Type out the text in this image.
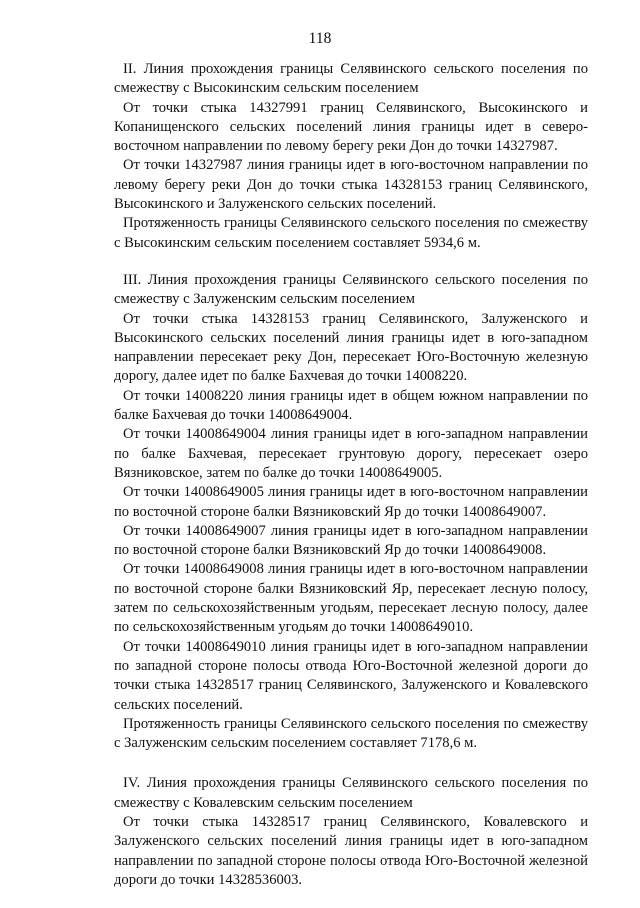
118

II. Линия прохождения границы Селявинского сельского поселения по смежеству с Высокинским сельским поселением

От точки стыка 14327991 границ Селявинского, Высокинского и Копанищенского сельских поселений линия границы идет в северо-восточном направлении по левому берегу реки Дон до точки 14327987.

От точки 14327987 линия границы идет в юго-восточном направлении по левому берегу реки Дон до точки стыка 14328153 границ Селявинского, Высокинского и Залуженского сельских поселений.

Протяженность границы Селявинского сельского поселения по смежеству с Высокинским сельским поселением составляет 5934,6 м.

III. Линия прохождения границы Селявинского сельского поселения по смежеству с Залуженским сельским поселением

От точки стыка 14328153 границ Селявинского, Залуженского и Высокинского сельских поселений линия границы идет в юго-западном направлении пересекает реку Дон, пересекает Юго-Восточную железную дорогу, далее идет по балке Бахчевая до точки 14008220.

От точки 14008220 линия границы идет в общем южном направлении по балке Бахчевая до точки 14008649004.

От точки 14008649004 линия границы идет в юго-западном направлении по балке Бахчевая, пересекает грунтовую дорогу, пересекает озеро Вязниковское, затем по балке до точки 14008649005.

От точки 14008649005 линия границы идет в юго-восточном направлении по восточной стороне балки Вязниковский Яр до точки 14008649007.

От точки 14008649007 линия границы идет в юго-западном направлении по восточной стороне балки Вязниковский Яр до точки 14008649008.

От точки 14008649008 линия границы идет в юго-восточном направлении по восточной стороне балки Вязниковский Яр, пересекает лесную полосу, затем по сельскохозяйственным угодьям, пересекает лесную полосу, далее по сельскохозяйственным угодьям до точки 14008649010.

От точки 14008649010 линия границы идет в юго-западном направлении по западной стороне полосы отвода Юго-Восточной железной дороги до точки стыка 14328517 границ Селявинского, Залуженского и Ковалевского сельских поселений.

Протяженность границы Селявинского сельского поселения по смежеству с Залуженским сельским поселением составляет 7178,6 м.

IV. Линия прохождения границы Селявинского сельского поселения по смежеству с Ковалевским сельским поселением

От точки стыка 14328517 границ Селявинского, Ковалевского и Залуженского сельских поселений линия границы идет в юго-западном направлении по западной стороне полосы отвода Юго-Восточной железной дороги до точки 14328536003.
